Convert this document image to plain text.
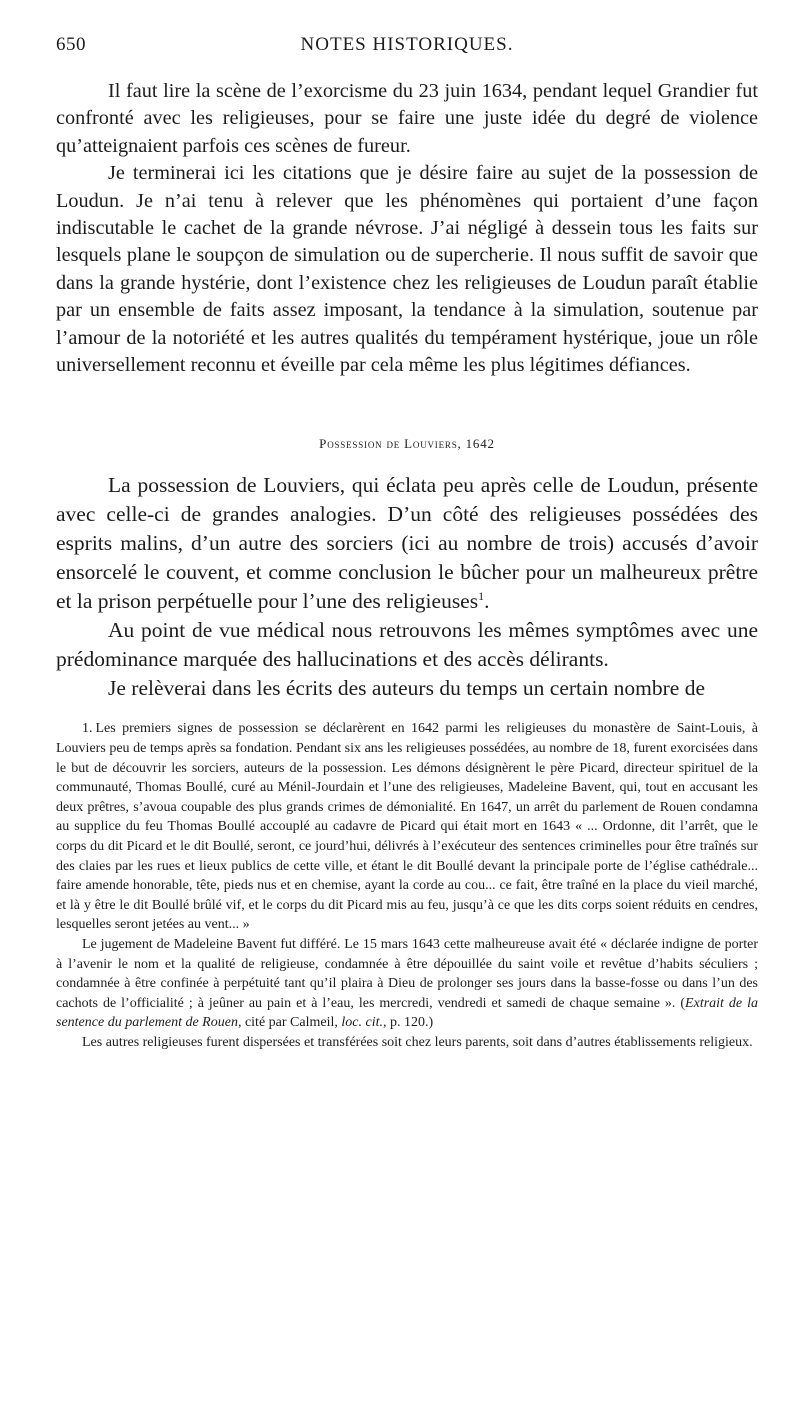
650	NOTES HISTORIQUES.

Il faut lire la scène de l’exorcisme du 23 juin 1634, pendant lequel Grandier fut confronté avec les religieuses, pour se faire une juste idée du degré de violence qu’atteignaient parfois ces scènes de fureur.

Je terminerai ici les citations que je désire faire au sujet de la possession de Loudun. Je n’ai tenu à relever que les phénomènes qui portaient d’une façon indiscutable le cachet de la grande névrose. J’ai négligé à dessein tous les faits sur lesquels plane le soupçon de simulation ou de supercherie. Il nous suffit de savoir que dans la grande hystérie, dont l’existence chez les religieuses de Loudun paraît établie par un ensemble de faits assez imposant, la tendance à la simulation, soutenue par l’amour de la notoriété et les autres qualités du tempérament hystérique, joue un rôle universellement reconnu et éveille par cela même les plus légitimes défiances.

Possession de Louviers, 1642

La possession de Louviers, qui éclata peu après celle de Loudun, présente avec celle-ci de grandes analogies. D’un côté des religieuses possédées des esprits malins, d’un autre des sorciers (ici au nombre de trois) accusés d’avoir ensorcelé le couvent, et comme conclusion le bûcher pour un malheureux prêtre et la prison perpétuelle pour l’une des religieuses$^1$.

Au point de vue médical nous retrouvons les mêmes symptômes avec une prédominance marquée des hallucinations et des accès délirants.

Je relèverai dans les écrits des auteurs du temps un certain nombre de

1. Les premiers signes de possession se déclarèrent en 1642 parmi les religieuses du monastère de Saint-Louis, à Louviers peu de temps après sa fondation. Pendant six ans les religieuses possédées, au nombre de 18, furent exorcisées dans le but de découvrir les sorciers, auteurs de la possession. Les démons désignèrent le père Picard, directeur spirituel de la communauté, Thomas Boullé, curé au Ménil-Jourdain et l’une des religieuses, Madeleine Bavent, qui, tout en accusant les deux prêtres, s’avoua coupable des plus grands crimes de démonialité. En 1647, un arrêt du parlement de Rouen condamna au supplice du feu Thomas Boullé accouplé au cadavre de Picard qui était mort en 1643 « ... Ordonne, dit l’arrêt, que le corps du dit Picard et le dit Boullé, seront, ce jourd’hui, délivrés à l’exécuteur des sentences criminelles pour être traînés sur des claies par les rues et lieux publics de cette ville, et étant le dit Boullé devant la principale porte de l’église cathédrale... faire amende honorable, tête, pieds nus et en chemise, ayant la corde au cou... ce fait, être traîné en la place du vieil marché, et là y être le dit Boullé brûlé vif, et le corps du dit Picard mis au feu, jusqu’à ce que les dits corps soient réduits en cendres, lesquelles seront jetées au vent... »

Le jugement de Madeleine Bavent fut différé. Le 15 mars 1643 cette malheureuse avait été « déclarée indigne de porter à l’avenir le nom et la qualité de religieuse, condamnée à être dépouillée du saint voile et revêtue d’habits séculiers ; condamnée à être confinée à perpétuité tant qu’il plaira à Dieu de prolonger ses jours dans la basse-fosse ou dans l’un des cachots de l’officialité ; à jeûner au pain et à l’eau, les mercredi, vendredi et samedi de chaque semaine ». (Extrait de la sentence du parlement de Rouen, cité par Calmeil, loc. cit., p. 120.)

Les autres religieuses furent dispersées et transférées soit chez leurs parents, soit dans d’autres établissements religieux.
